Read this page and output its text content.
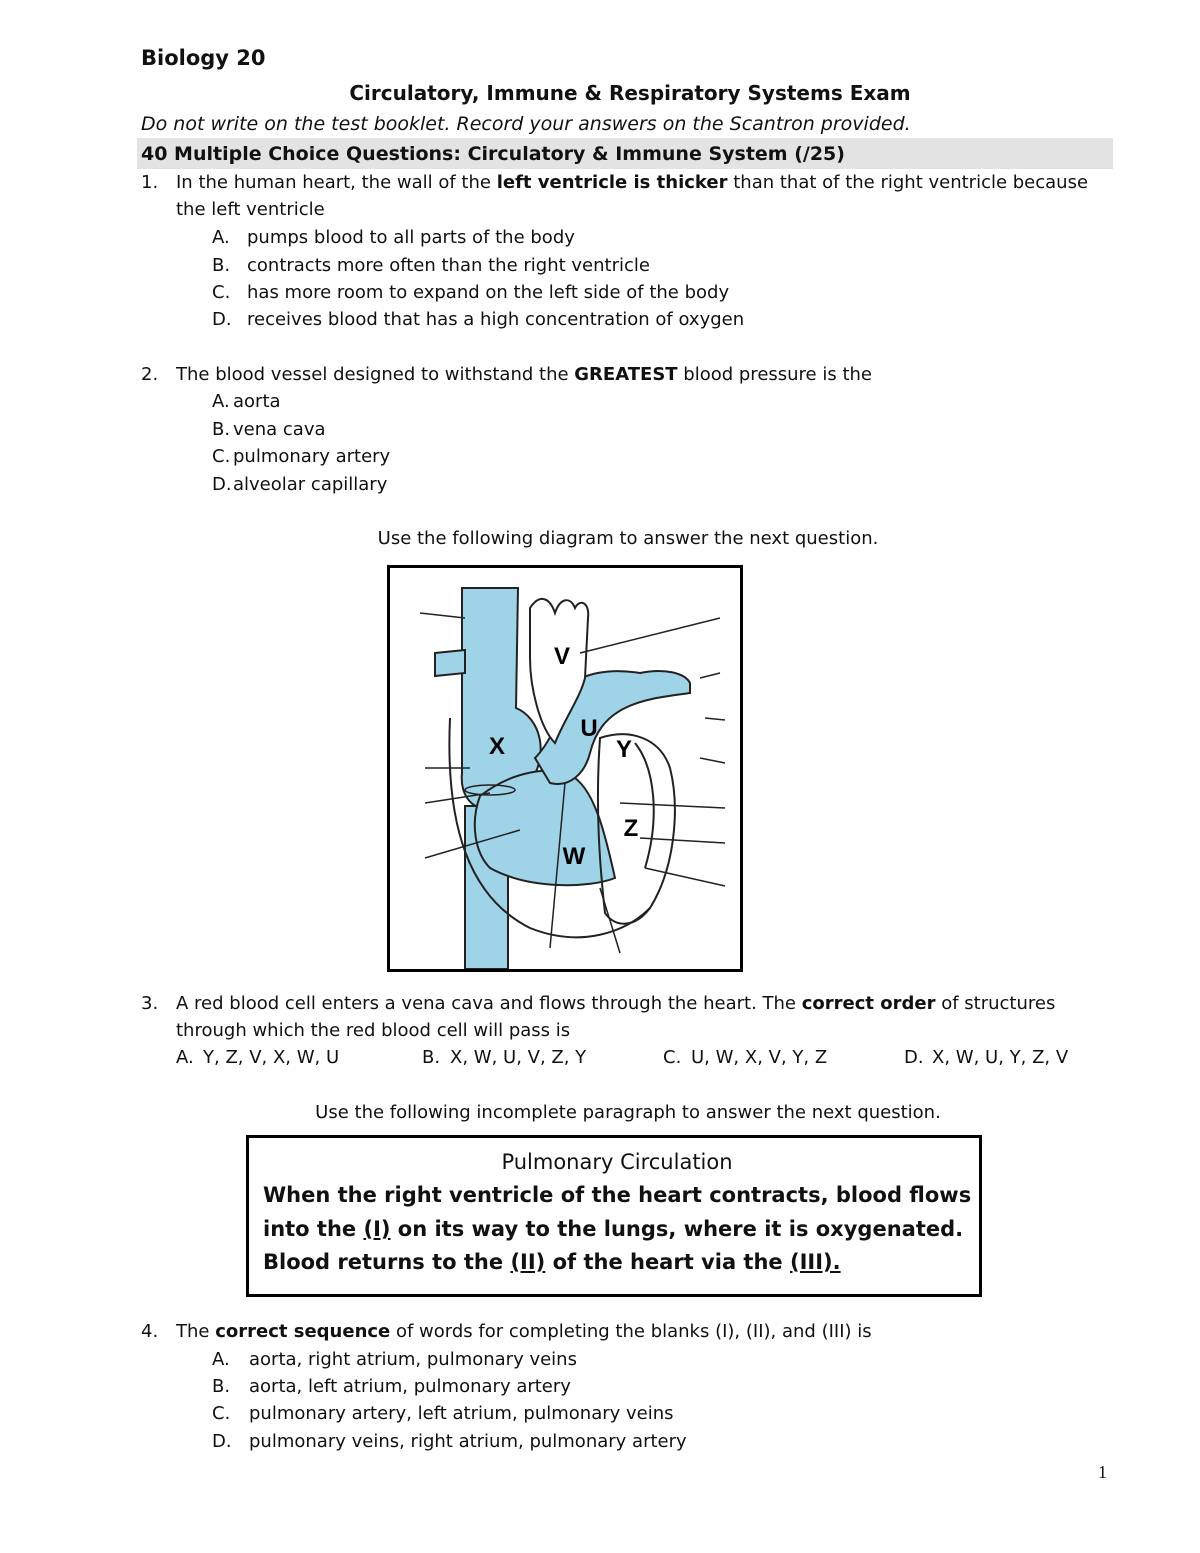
Biology 20
Circulatory, Immune & Respiratory Systems Exam
Do not write on the test booklet. Record your answers on the Scantron provided.
40 Multiple Choice Questions: Circulatory & Immune System (/25)
1. In the human heart, the wall of the left ventricle is thicker than that of the right ventricle because
the left ventricle
A. pumps blood to all parts of the body
B. contracts more often than the right ventricle
C. has more room to expand on the left side of the body
D. receives blood that has a high concentration of oxygen
2. The blood vessel designed to withstand the GREATEST blood pressure is the
A. aorta
B. vena cava
C. pulmonary artery
D. alveolar capillary
Use the following diagram to answer the next question.
V
U
X	Y
Z
W
3. A red blood cell enters a vena cava and flows through the heart. The correct order of structures
through which the red blood cell will pass is
A. Y, Z, V, X, W, U	B. X, W, U, V, Z, Y	C. U, W, X, V, Y, Z	D. X, W, U, Y, Z, V
Use the following incomplete paragraph to answer the next question.
Pulmonary Circulation
When the right ventricle of the heart contracts, blood flows
into the (I) on its way to the lungs, where it is oxygenated.
Blood returns to the (II) of the heart via the (III).
4. The correct sequence of words for completing the blanks (I), (II), and (III) is
A. aorta, right atrium, pulmonary veins
B. aorta, left atrium, pulmonary artery
C. pulmonary artery, left atrium, pulmonary veins
D. pulmonary veins, right atrium, pulmonary artery
1
